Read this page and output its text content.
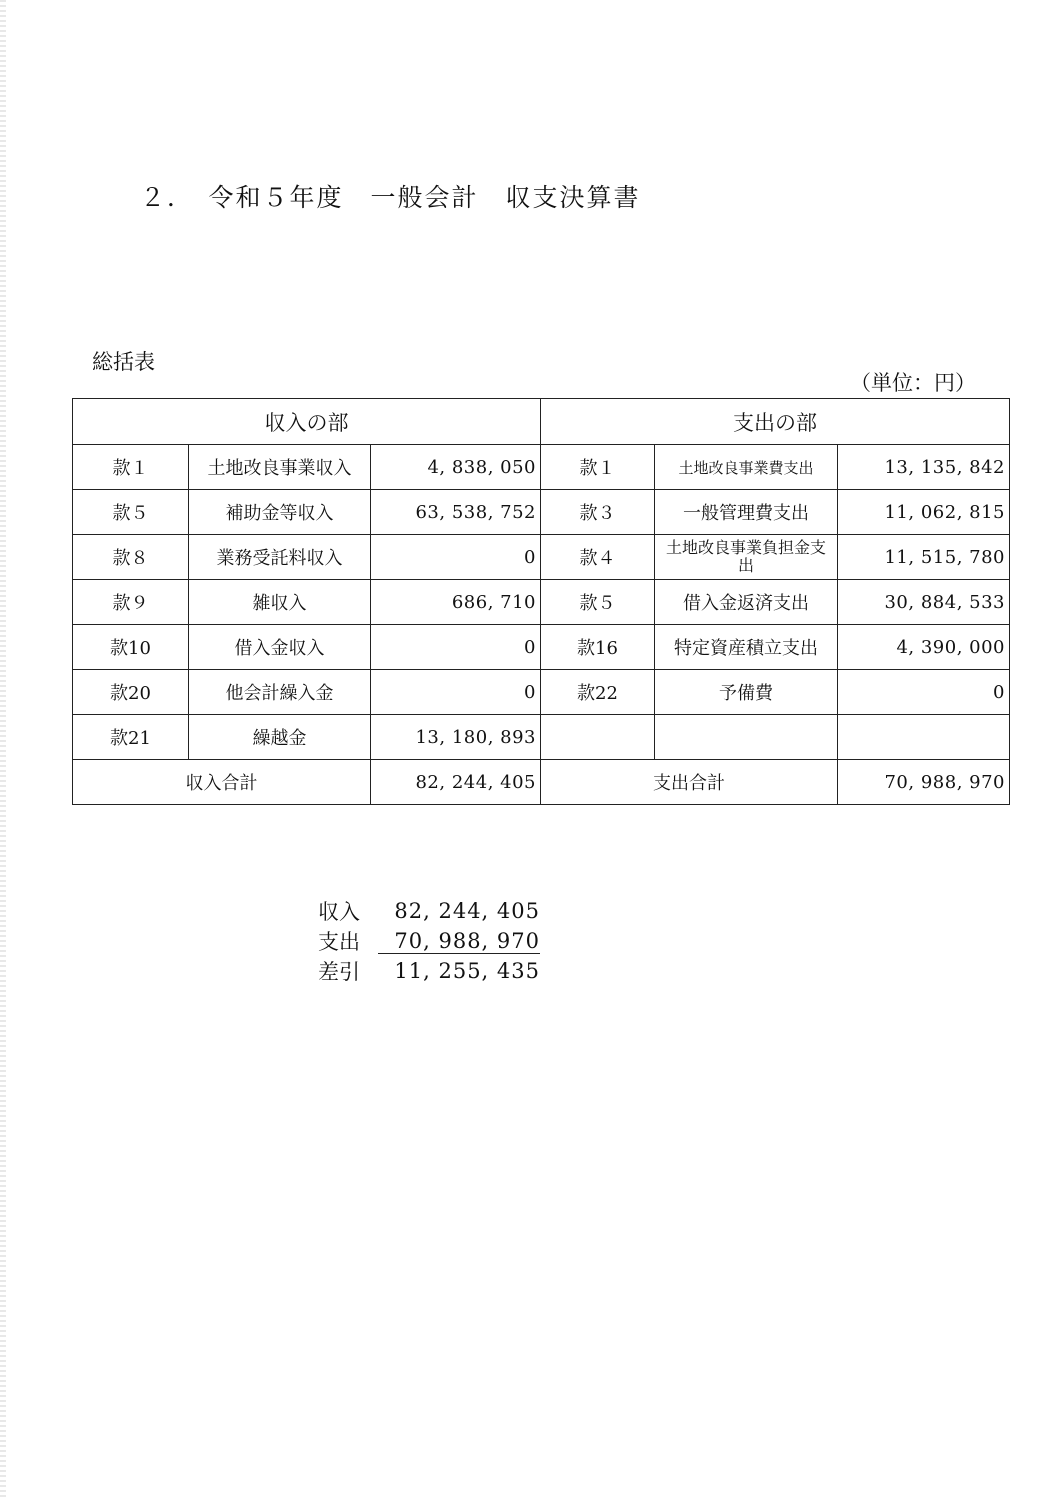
２．　令和５年度　一般会計　収支決算書
総括表
（単位：円）
収入の部			支出の部		
款１	土地改良事業収入	4, 838, 050	款１	土地改良事業費支出	13, 135, 842
款５	補助金等収入	63, 538, 752	款３	一般管理費支出	11, 062, 815
款８	業務受託料収入	0	款４	土地改良事業負担金支出	11, 515, 780
款９	雑収入	686, 710	款５	借入金返済支出	30, 884, 533
款10	借入金収入	0	款16	特定資産積立支出	4, 390, 000
款20	他会計繰入金	0	款22	予備費	0
款21	繰越金	13, 180, 893			
収入合計		82, 244, 405	支出合計		70, 988, 970
収入	82, 244, 405
支出	70, 988, 970
差引	11, 255, 435
